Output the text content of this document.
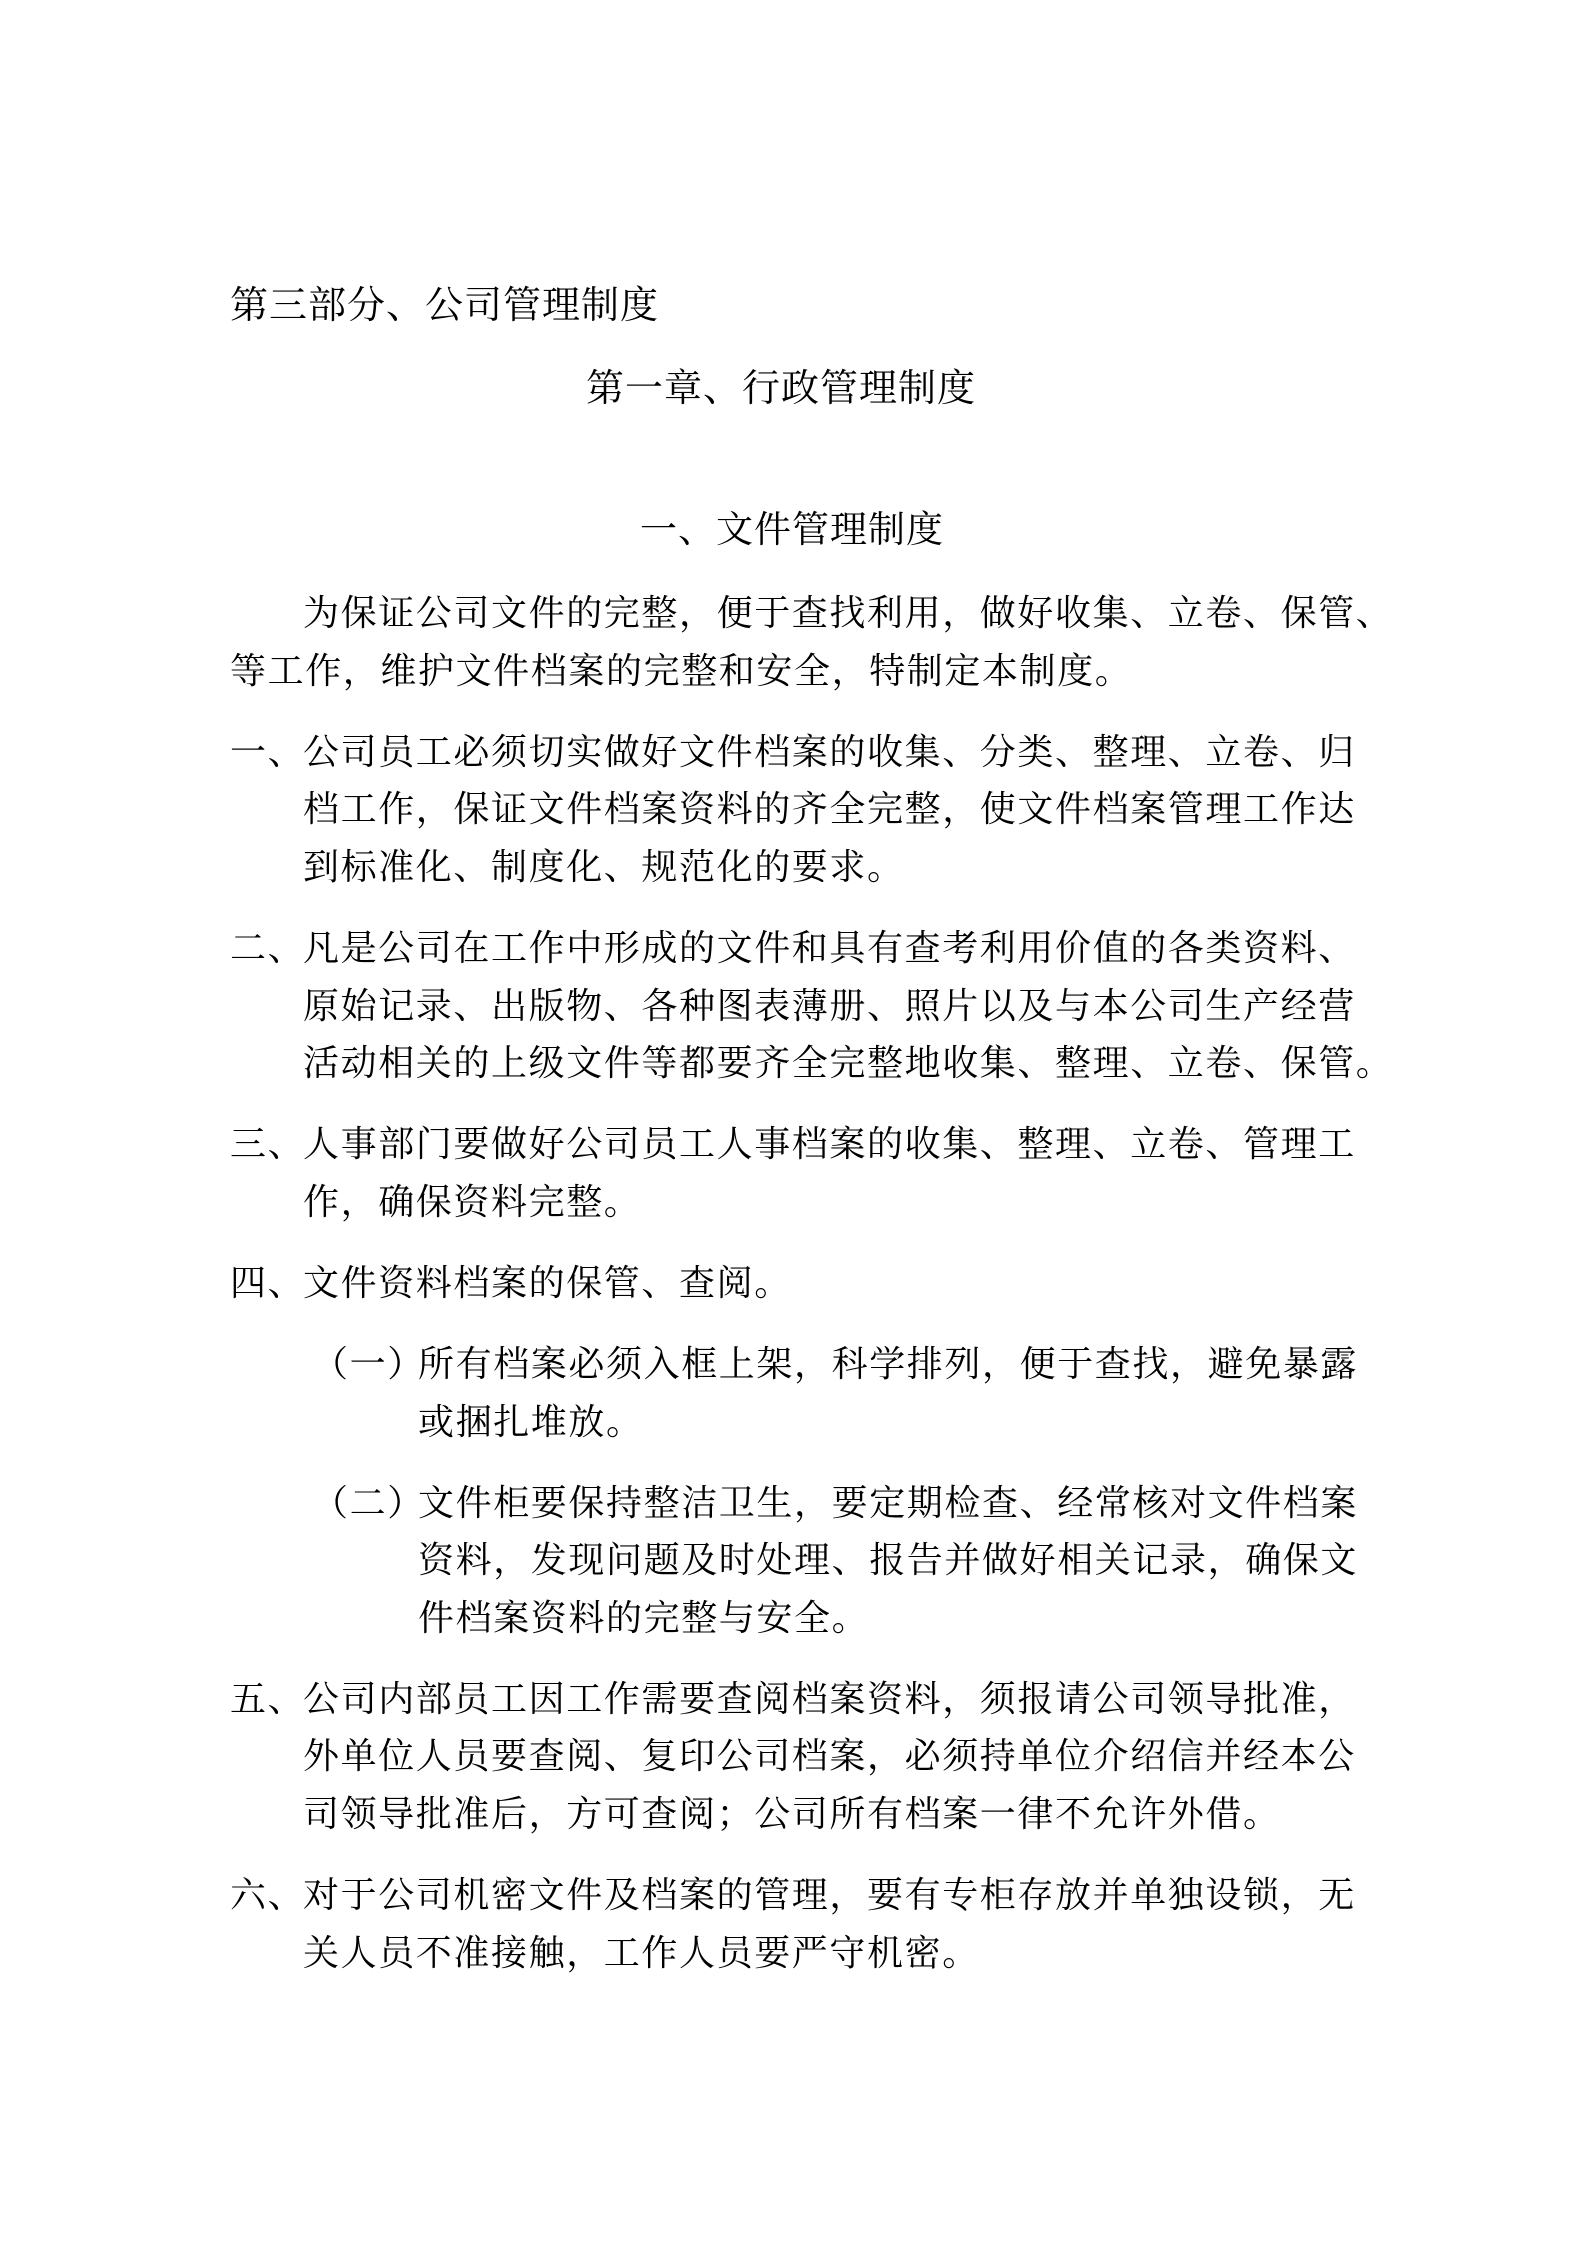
第三部分、公司管理制度
第一章、行政管理制度
一、文件管理制度
为保证公司文件的完整，便于查找利用，做好收集、立卷、保管、
等工作，维护文件档案的完整和安全，特制定本制度。
一、
公司员工必须切实做好文件档案的收集、分类、整理、立卷、归
档工作，保证文件档案资料的齐全完整，使文件档案管理工作达
到标准化、制度化、规范化的要求。
二、
凡是公司在工作中形成的文件和具有查考利用价值的各类资料、
原始记录、出版物、各种图表薄册、照片以及与本公司生产经营
活动相关的上级文件等都要齐全完整地收集、整理、立卷、保管。
三、
人事部门要做好公司员工人事档案的收集、整理、立卷、管理工
作，确保资料完整。
四、
文件资料档案的保管、查阅。
（一）
所有档案必须入框上架，科学排列，便于查找，避免暴露
或捆扎堆放。
（二）
文件柜要保持整洁卫生，要定期检查、经常核对文件档案
资料，发现问题及时处理、报告并做好相关记录，确保文
件档案资料的完整与安全。
五、
公司内部员工因工作需要查阅档案资料，须报请公司领导批准，
外单位人员要查阅、复印公司档案，必须持单位介绍信并经本公
司领导批准后，方可查阅；公司所有档案一律不允许外借。
六、
对于公司机密文件及档案的管理，要有专柜存放并单独设锁，无
关人员不准接触，工作人员要严守机密。
